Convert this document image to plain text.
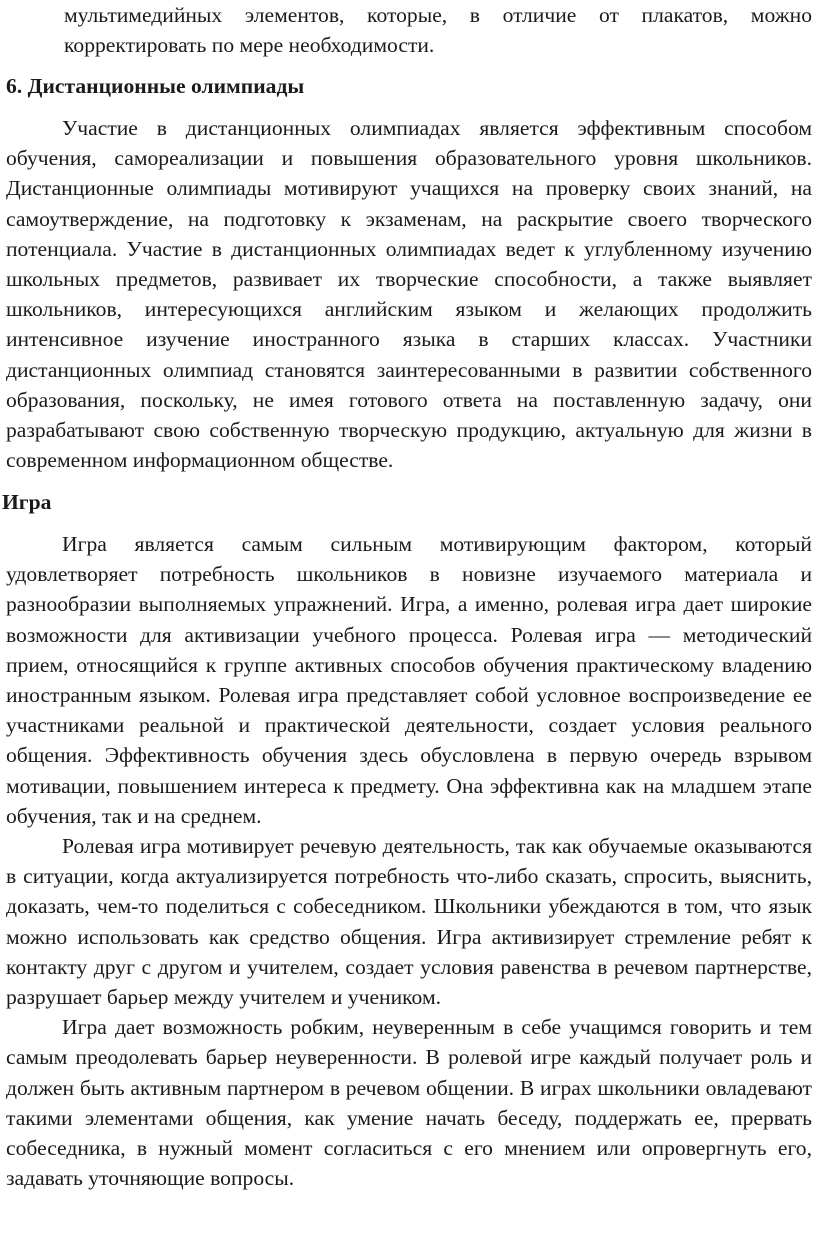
мультимедийных элементов, которые, в отличие от плакатов, можно корректировать по мере необходимости.

6. Дистанционные олимпиады

Участие в дистанционных олимпиадах является эффективным способом обучения, самореализации и повышения образовательного уровня школьников. Дистанционные олимпиады мотивируют учащихся на проверку своих знаний, на самоутверждение, на подготовку к экзаменам, на раскрытие своего творческого потенциала. Участие в дистанционных олимпиадах ведет к углубленному изучению школьных предметов, развивает их творческие способности, а также выявляет школьников, интересующихся английским языком и желающих продолжить интенсивное изучение иностранного языка в старших классах. Участники дистанционных олимпиад становятся заинтересованными в развитии собственного образования, поскольку, не имея готового ответа на поставленную задачу, они разрабатывают свою собственную творческую продукцию, актуальную для жизни в современном информационном обществе.

Игра

Игра является самым сильным мотивирующим фактором, который удовлетворяет потребность школьников в новизне изучаемого материала и разнообразии выполняемых упражнений. Игра, а именно, ролевая игра дает широкие возможности для активизации учебного процесса. Ролевая игра — методический прием, относящийся к группе активных способов обучения практическому владению иностранным языком. Ролевая игра представляет собой условное воспроизведение ее участниками реальной и практической деятельности, создает условия реального общения. Эффективность обучения здесь обусловлена в первую очередь взрывом мотивации, повышением интереса к предмету. Она эффективна как на младшем этапе обучения, так и на среднем.

Ролевая игра мотивирует речевую деятельность, так как обучаемые оказываются в ситуации, когда актуализируется потребность что-либо сказать, спросить, выяснить, доказать, чем-то поделиться с собеседником. Школьники убеждаются в том, что язык можно использовать как средство общения. Игра активизирует стремление ребят к контакту друг с другом и учителем, создает условия равенства в речевом партнерстве, разрушает барьер между учителем и учеником.

Игра дает возможность робким, неуверенным в себе учащимся говорить и тем самым преодолевать барьер неуверенности. В ролевой игре каждый получает роль и должен быть активным партнером в речевом общении. В играх школьники овладевают такими элементами общения, как умение начать беседу, поддержать ее, прервать собеседника, в нужный момент согласиться с его мнением или опровергнуть его, задавать уточняющие вопросы.
